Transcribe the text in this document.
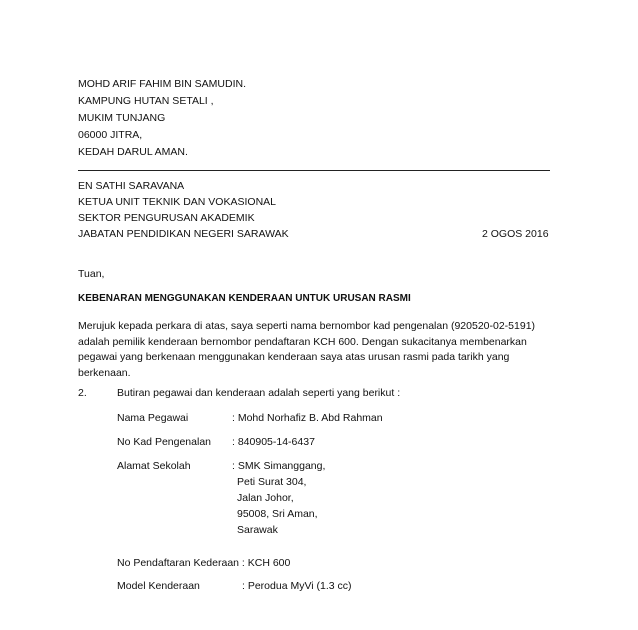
MOHD ARIF FAHIM BIN SAMUDIN.
KAMPUNG HUTAN SETALI ,
MUKIM TUNJANG
06000 JITRA,
KEDAH DARUL AMAN.
EN SATHI SARAVANA
KETUA UNIT TEKNIK DAN VOKASIONAL
SEKTOR PENGURUSAN AKADEMIK
JABATAN PENDIDIKAN NEGERI SARAWAK	2 OGOS 2016
Tuan,
KEBENARAN MENGGUNAKAN KENDERAAN UNTUK URUSAN RASMI
Merujuk kepada perkara di atas, saya seperti nama bernombor kad pengenalan (920520-02-5191) adalah pemilik kenderaan bernombor pendaftaran KCH 600. Dengan sukacitanya membenarkan pegawai yang berkenaan menggunakan kenderaan saya atas urusan rasmi pada tarikh yang berkenaan.
2.	Butiran pegawai dan kenderaan adalah seperti yang berikut :
Nama Pegawai	: Mohd Norhafiz B. Abd Rahman
No Kad Pengenalan : 840905-14-6437
Alamat Sekolah	: SMK Simanggang,
Peti Surat 304,
Jalan Johor,
95008, Sri Aman,
Sarawak
No Pendaftaran Kederaan : KCH 600
Model Kenderaan	: Perodua MyVi (1.3 cc)
